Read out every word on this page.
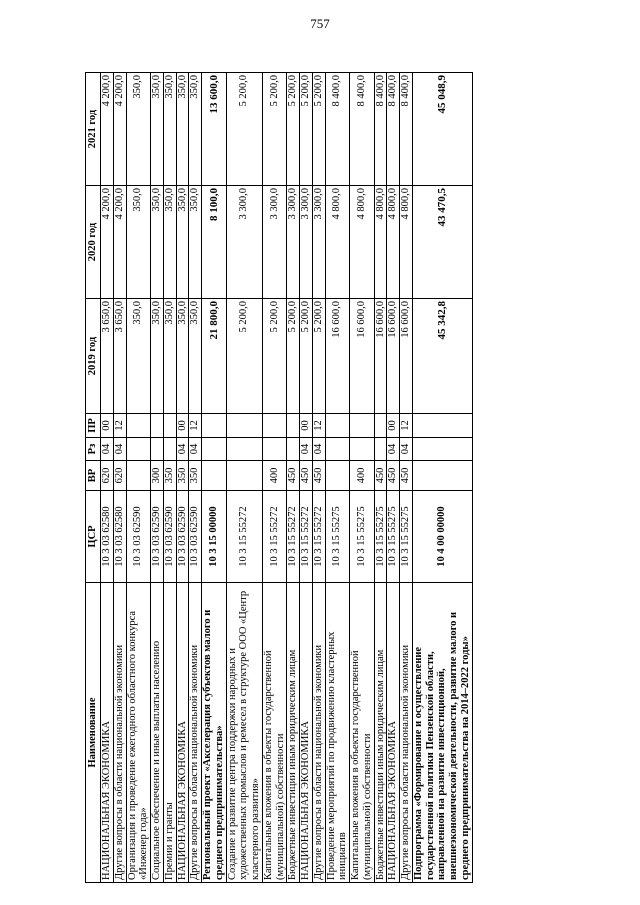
757
Наименование	ЦСР	ВР	Рз	ПР	2019 год	2020 год	2021 год
НАЦИОНАЛЬНАЯ ЭКОНОМИКА	10 3 03 62580	620	04	00	3 650,0	4 200,0	4 200,0
Другие вопросы в области национальной экономики	10 3 03 62580	620	04	12	3 650,0	4 200,0	4 200,0
Организация и проведение ежегодного областного конкурса «Инженер года»	10 3 03 62590				350,0	350,0	350,0
Социальное обеспечение и иные выплаты населению	10 3 03 62590	300			350,0	350,0	350,0
Премии и гранты	10 3 03 62590	350			350,0	350,0	350,0
НАЦИОНАЛЬНАЯ ЭКОНОМИКА	10 3 03 62590	350	04	00	350,0	350,0	350,0
Другие вопросы в области национальной экономики	10 3 03 62590	350	04	12	350,0	350,0	350,0
Региональный проект «Акселерация субъектов малого и среднего предпринимательства»	10 3 15 00000				21 800,0	8 100,0	13 600,0
Создание и развитие центра поддержки народных и художественных промыслов и ремесел в структуре ООО «Центр кластерного развития»	10 3 15 55272				5 200,0	3 300,0	5 200,0
Капитальные вложения в объекты государственной (муниципальной) собственности	10 3 15 55272	400			5 200,0	3 300,0	5 200,0
Бюджетные инвестиции иным юридическим лицам	10 3 15 55272	450			5 200,0	3 300,0	5 200,0
НАЦИОНАЛЬНАЯ ЭКОНОМИКА	10 3 15 55272	450	04	00	5 200,0	3 300,0	5 200,0
Другие вопросы в области национальной экономики	10 3 15 55272	450	04	12	5 200,0	3 300,0	5 200,0
Проведение мероприятий по продвижению кластерных инициатив	10 3 15 55275				16 600,0	4 800,0	8 400,0
Капитальные вложения в объекты государственной (муниципальной) собственности	10 3 15 55275	400			16 600,0	4 800,0	8 400,0
Бюджетные инвестиции иным юридическим лицам	10 3 15 55275	450			16 600,0	4 800,0	8 400,0
НАЦИОНАЛЬНАЯ ЭКОНОМИКА	10 3 15 55275	450	04	00	16 600,0	4 800,0	8 400,0
Другие вопросы в области национальной экономики	10 3 15 55275	450	04	12	16 600,0	4 800,0	8 400,0
Подпрограмма «Формирование и осуществление государственной политики Пензенской области, направленной на развитие инвестиционной, внешнеэкономической деятельности, развитие малого и среднего предпринимательства на 2014–2022 годы»	10 4 00 00000				45 342,8	43 470,5	45 048,9
